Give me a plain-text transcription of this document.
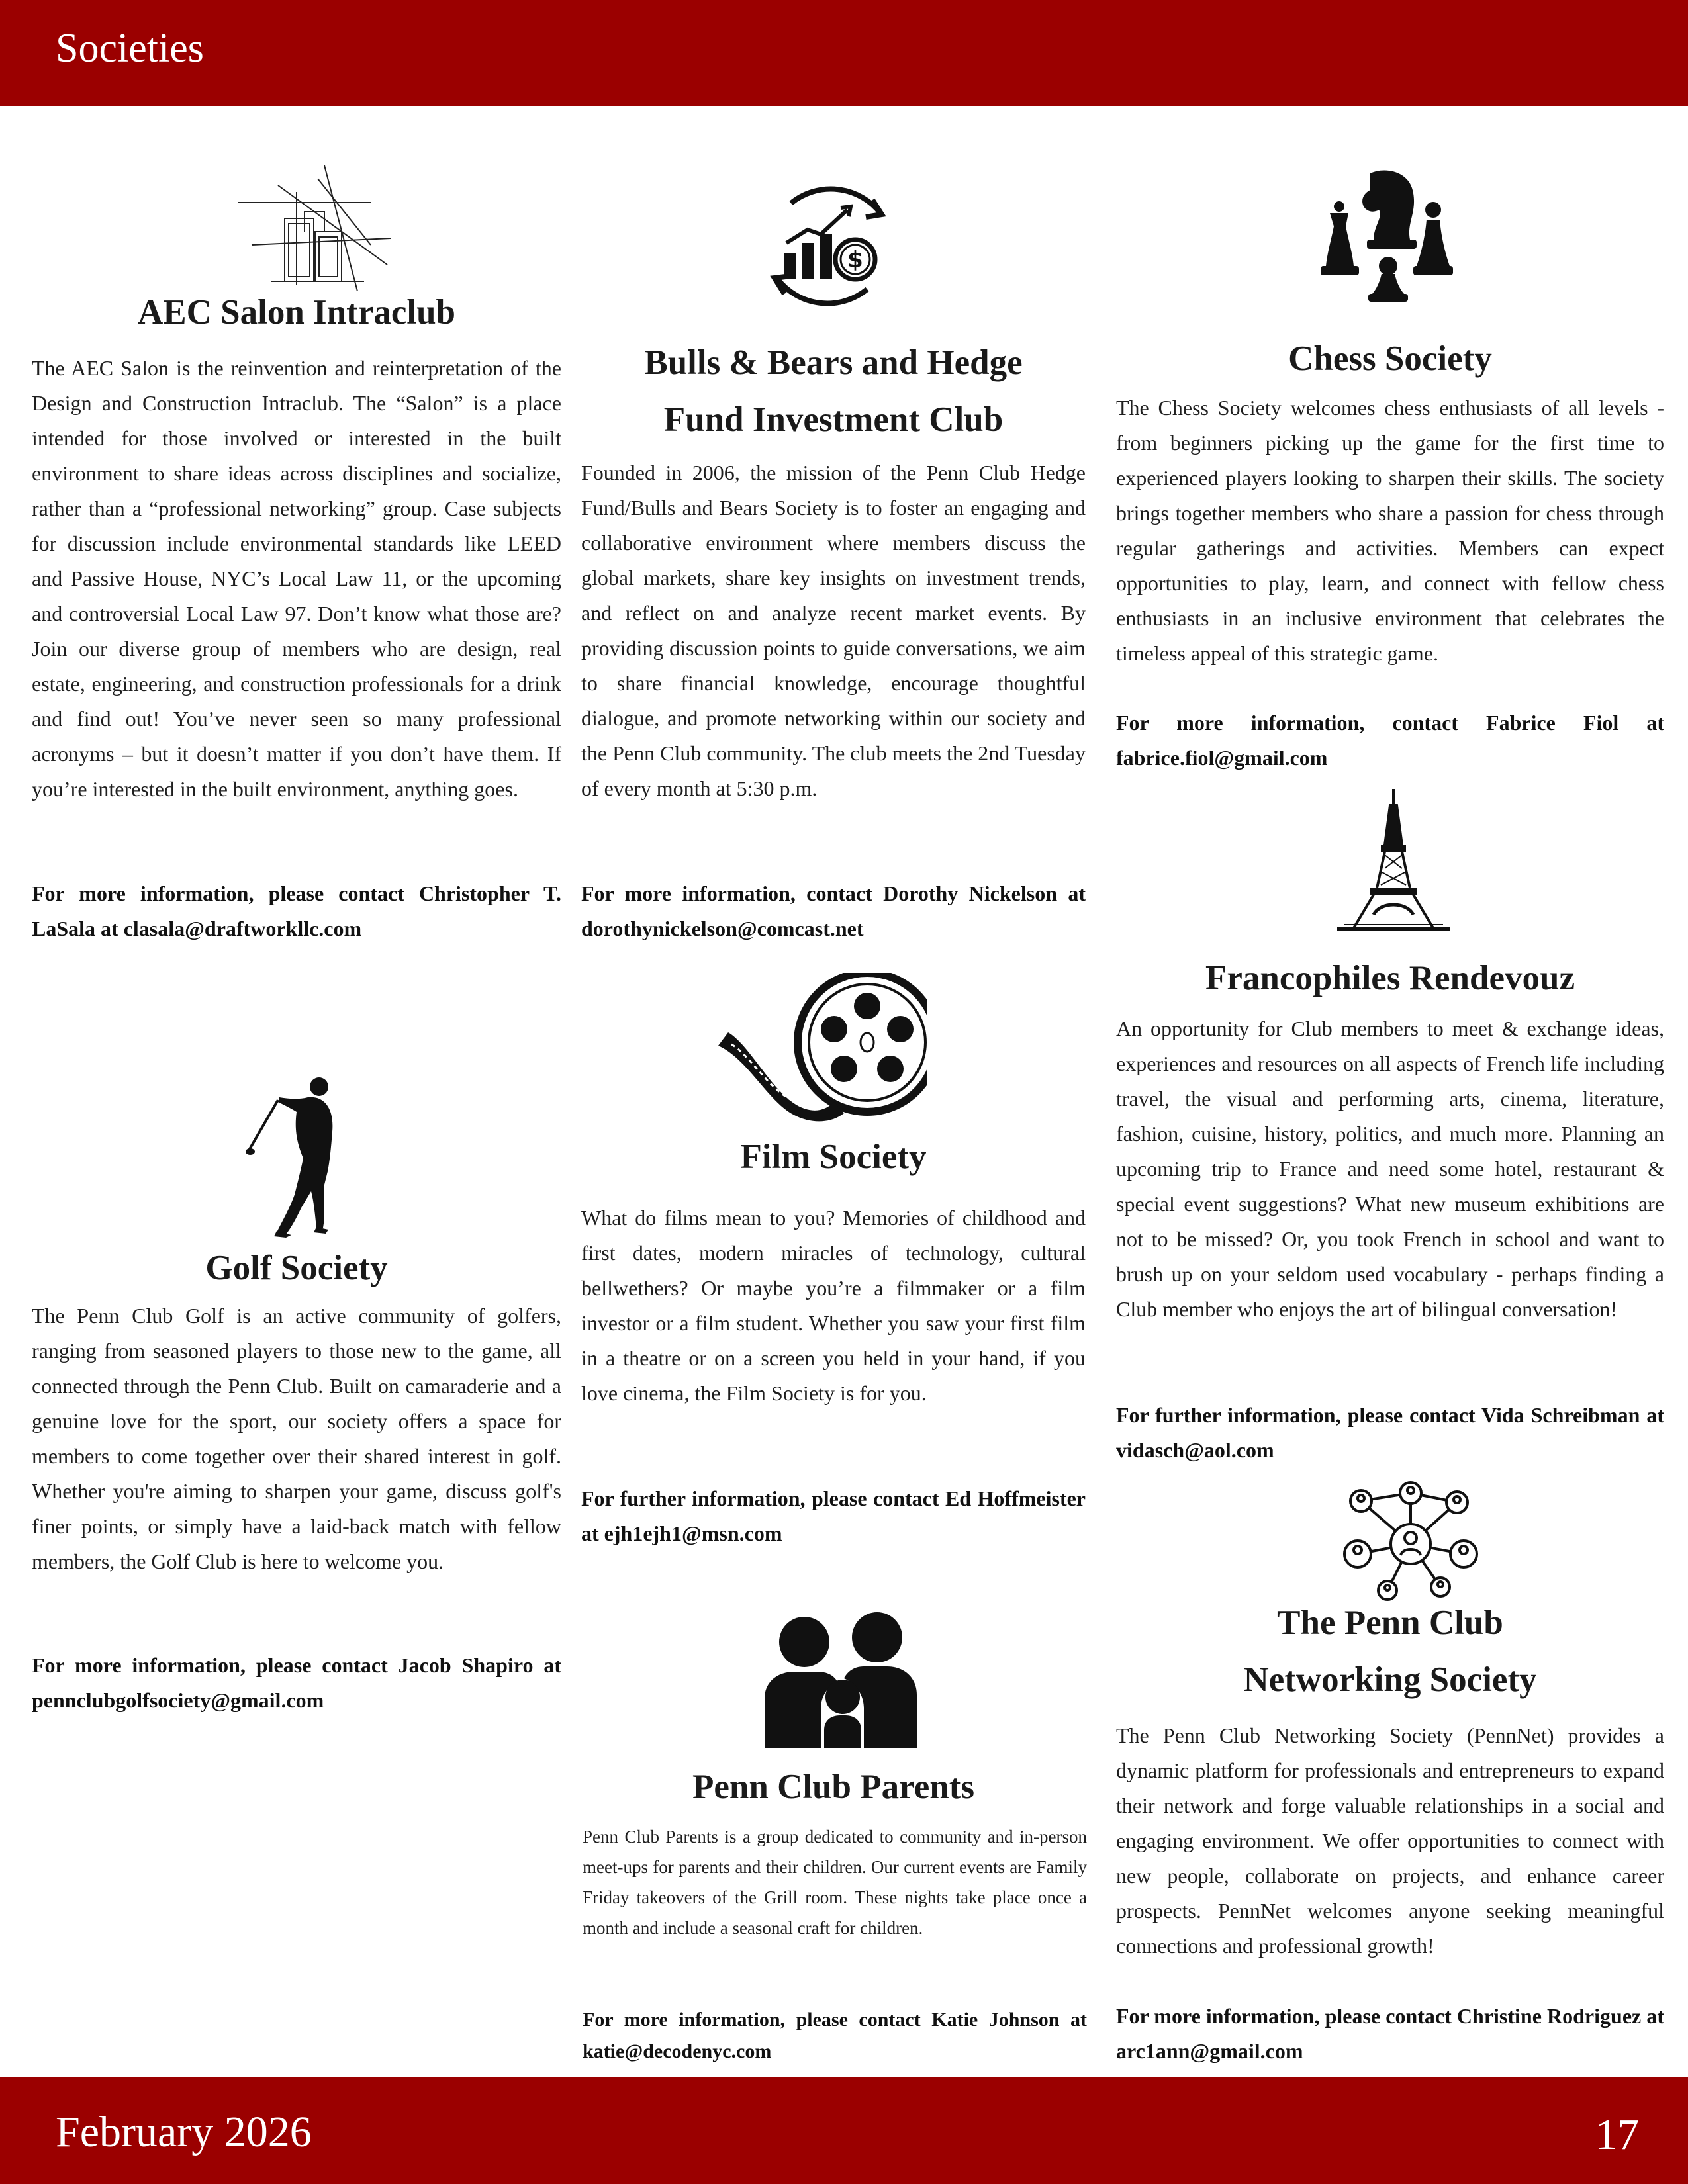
Societies
AEC Salon Intraclub

The AEC Salon is the reinvention and reinterpretation of the Design and Construction Intraclub. The “Salon” is a place intended for those involved or interested in the built environment to share ideas across disciplines and socialize, rather than a “professional networking” group. Case subjects for discussion include environmental standards like LEED and Passive House, NYC’s Local Law 11, or the upcoming and controversial Local Law 97. Don’t know what those are? Join our diverse group of members who are design, real estate, engineering, and construction professionals for a drink and find out! You’ve never seen so many professional acronyms – but it doesn’t matter if you don’t have them. If you’re interested in the built environment, anything goes.

For more information, please contact Christopher T. LaSala at clasala@draftworkllc.com

Golf Society

The Penn Club Golf is an active community of golfers, ranging from seasoned players to those new to the game, all connected through the Penn Club. Built on camaraderie and a genuine love for the sport, our society offers a space for members to come together over their shared interest in golf. Whether you're aiming to sharpen your game, discuss golf's finer points, or simply have a laid-back match with fellow members, the Golf Club is here to welcome you.

For more information, please contact Jacob Shapiro at pennclubgolfsociety@gmail.com

$
Bulls & Bears and Hedge
Fund Investment Club

Founded in 2006, the mission of the Penn Club Hedge Fund/Bulls and Bears Society is to foster an engaging and collaborative environment where members discuss the global markets, share key insights on investment trends, and reflect on and analyze recent market events. By providing discussion points to guide conversations, we aim to share financial knowledge, encourage thoughtful dialogue, and promote networking within our society and the Penn Club community. The club meets the 2nd Tuesday of every month at 5:30 p.m.

For more information, contact Dorothy Nickelson at dorothynickelson@comcast.net

Film Society

What do films mean to you? Memories of childhood and first dates, modern miracles of technology, cultural bellwethers? Or maybe you’re a filmmaker or a film investor or a film student. Whether you saw your first film in a theatre or on a screen you held in your hand, if you love cinema, the Film Society is for you.

For further information, please contact Ed Hoffmeister at ejh1ejh1@msn.com

Penn Club Parents

Penn Club Parents is a group dedicated to community and in-person meet-ups for parents and their children. Our current events are Family Friday takeovers of the Grill room. These nights take place once a month and include a seasonal craft for children.

For more information, please contact Katie Johnson at katie@decodenyc.com

Chess Society

The Chess Society welcomes chess enthusiasts of all levels - from beginners picking up the game for the first time to experienced players looking to sharpen their skills. The society brings together members who share a passion for chess through regular gatherings and activities. Members can expect opportunities to play, learn, and connect with fellow chess enthusiasts in an inclusive environment that celebrates the timeless appeal of this strategic game.

For more information, contact Fabrice Fiol at fabrice.fiol@gmail.com

Francophiles Rendevouz

An opportunity for Club members to meet & exchange ideas, experiences and resources on all aspects of French life including travel, the visual and performing arts, cinema, literature, fashion, cuisine, history, politics, and much more. Planning an upcoming trip to France and need some hotel, restaurant & special event suggestions? What new museum exhibitions are not to be missed? Or, you took French in school and want to brush up on your seldom used vocabulary - perhaps finding a Club member who enjoys the art of bilingual conversation!

For further information, please contact Vida Schreibman at vidasch@aol.com

The Penn Club
Networking Society

The Penn Club Networking Society (PennNet) provides a dynamic platform for professionals and entrepreneurs to expand their network and forge valuable relationships in a social and engaging environment. We offer opportunities to connect with new people, collaborate on projects, and enhance career prospects. PennNet welcomes anyone seeking meaningful connections and professional growth!

For more information, please contact Christine Rodriguez at arc1ann@gmail.com

February 2026	17
